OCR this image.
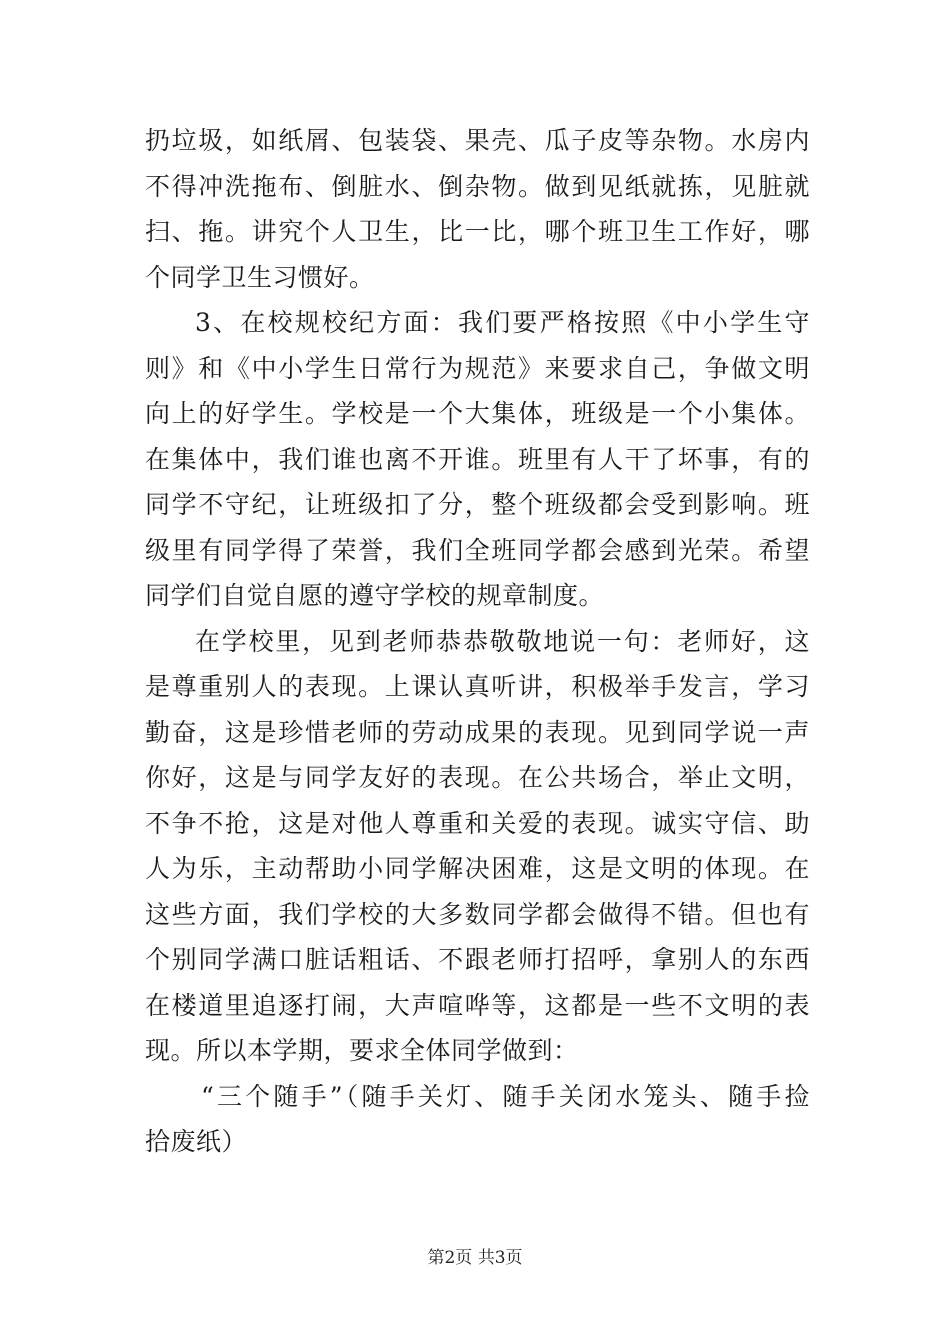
扔垃圾，如纸屑、包装袋、果壳、瓜子皮等杂物。水房内
不得冲洗拖布、倒脏水、倒杂物。做到见纸就拣，见脏就
扫、拖。讲究个人卫生，比一比，哪个班卫生工作好，哪
个同学卫生习惯好。
3、在校规校纪方面：我们要严格按照《中小学生守
则》和《中小学生日常行为规范》来要求自己，争做文明
向上的好学生。学校是一个大集体，班级是一个小集体。
在集体中，我们谁也离不开谁。班里有人干了坏事，有的
同学不守纪，让班级扣了分，整个班级都会受到影响。班
级里有同学得了荣誉，我们全班同学都会感到光荣。希望
同学们自觉自愿的遵守学校的规章制度。
在学校里，见到老师恭恭敬敬地说一句：老师好，这
是尊重别人的表现。上课认真听讲，积极举手发言，学习
勤奋，这是珍惜老师的劳动成果的表现。见到同学说一声
你好，这是与同学友好的表现。在公共场合，举止文明，
不争不抢，这是对他人尊重和关爱的表现。诚实守信、助
人为乐，主动帮助小同学解决困难，这是文明的体现。在
这些方面，我们学校的大多数同学都会做得不错。但也有
个别同学满口脏话粗话、不跟老师打招呼，拿别人的东西
在楼道里追逐打闹，大声喧哗等，这都是一些不文明的表
现。所以本学期，要求全体同学做到：
“三个随手”（随手关灯、随手关闭水笼头、随手捡
拾废纸）
第2页 共3页
